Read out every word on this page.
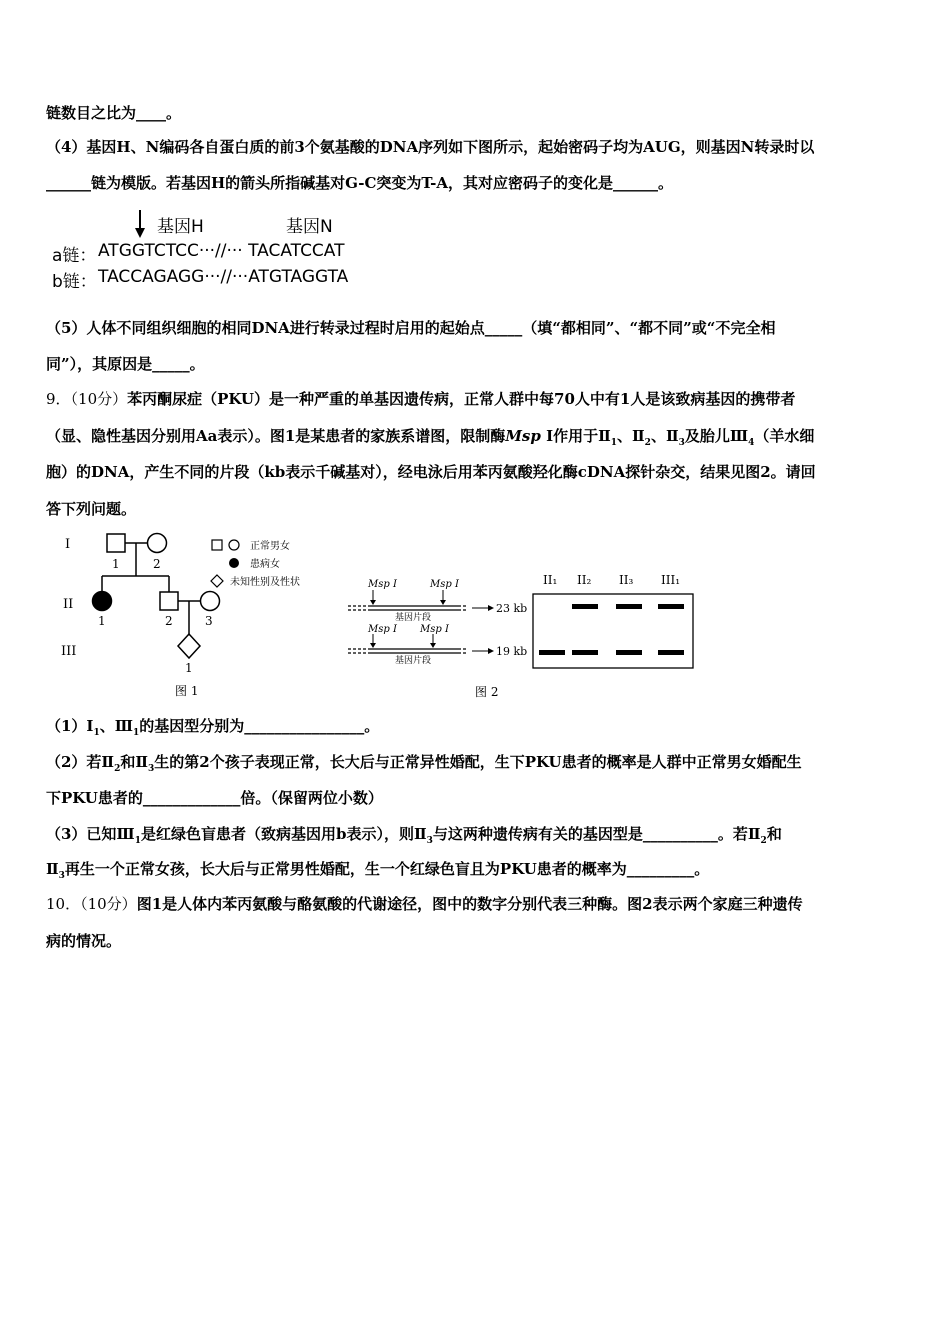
链数目之比为____。
（4）基因H、N编码各自蛋白质的前3个氨基酸的DNA序列如下图所示，起始密码子均为AUG，则基因N转录时以
______链为模版。若基因H的箭头所指碱基对G-C突变为T-A，其对应密码子的变化是______。
基因H	基因N
a链： ATGGTCTCC···//··· TACATCCAT
b链： TACCAGAGG···//···ATGTAGGTA
（5）人体不同组织细胞的相同DNA进行转录过程时启用的起始点_____（填“都相同”、“都不同”或“不完全相
同”），其原因是_____。
9．（10分）苯丙酮尿症（PKU）是一种严重的单基因遗传病，正常人群中每70人中有1人是该致病基因的携带者
（显、隐性基因分别用Aa表示）。图1是某患者的家族系谱图，限制酶Msp I作用于$Ⅱ_1$、$Ⅱ_2$、$Ⅱ_3$及胎儿$Ⅲ_4$（羊水细
胞）的DNA，产生不同的片段（kb表示千碱基对），经电泳后用苯丙氨酸羟化酶cDNA探针杂交，结果见图2。请回
答下列问题。
I
II
III
1	2
1	2	3
1
正常男女
患病女
未知性别及性状
图 1
Msp I	Msp I
基因片段
23 kb
Msp I Msp I
基因片段
19 kb
II₁ II₂ II₃ III₁
图 2
$(1)I_1$、$Ⅲ_1$的基因型分别为________________。
（2）若$Ⅱ_2$和$Ⅱ_3$生的第2个孩子表现正常，长大后与正常异性婚配，生下PKU患者的概率是人群中正常男女婚配生
下PKU患者的_____________倍。（保留两位小数）
（3）已知$Ⅲ_1$是红绿色盲患者（致病基因用b表示），则$Ⅱ_3$与这两种遗传病有关的基因型是__________。若$Ⅱ_2$和
$Ⅱ_3$再生一个正常女孩，长大后与正常男性婚配，生一个红绿色盲且为PKU患者的概率为_________。
10．（10分）图1是人体内苯丙氨酸与酪氨酸的代谢途径，图中的数字分别代表三种酶。图2表示两个家庭三种遗传
病的情况。
